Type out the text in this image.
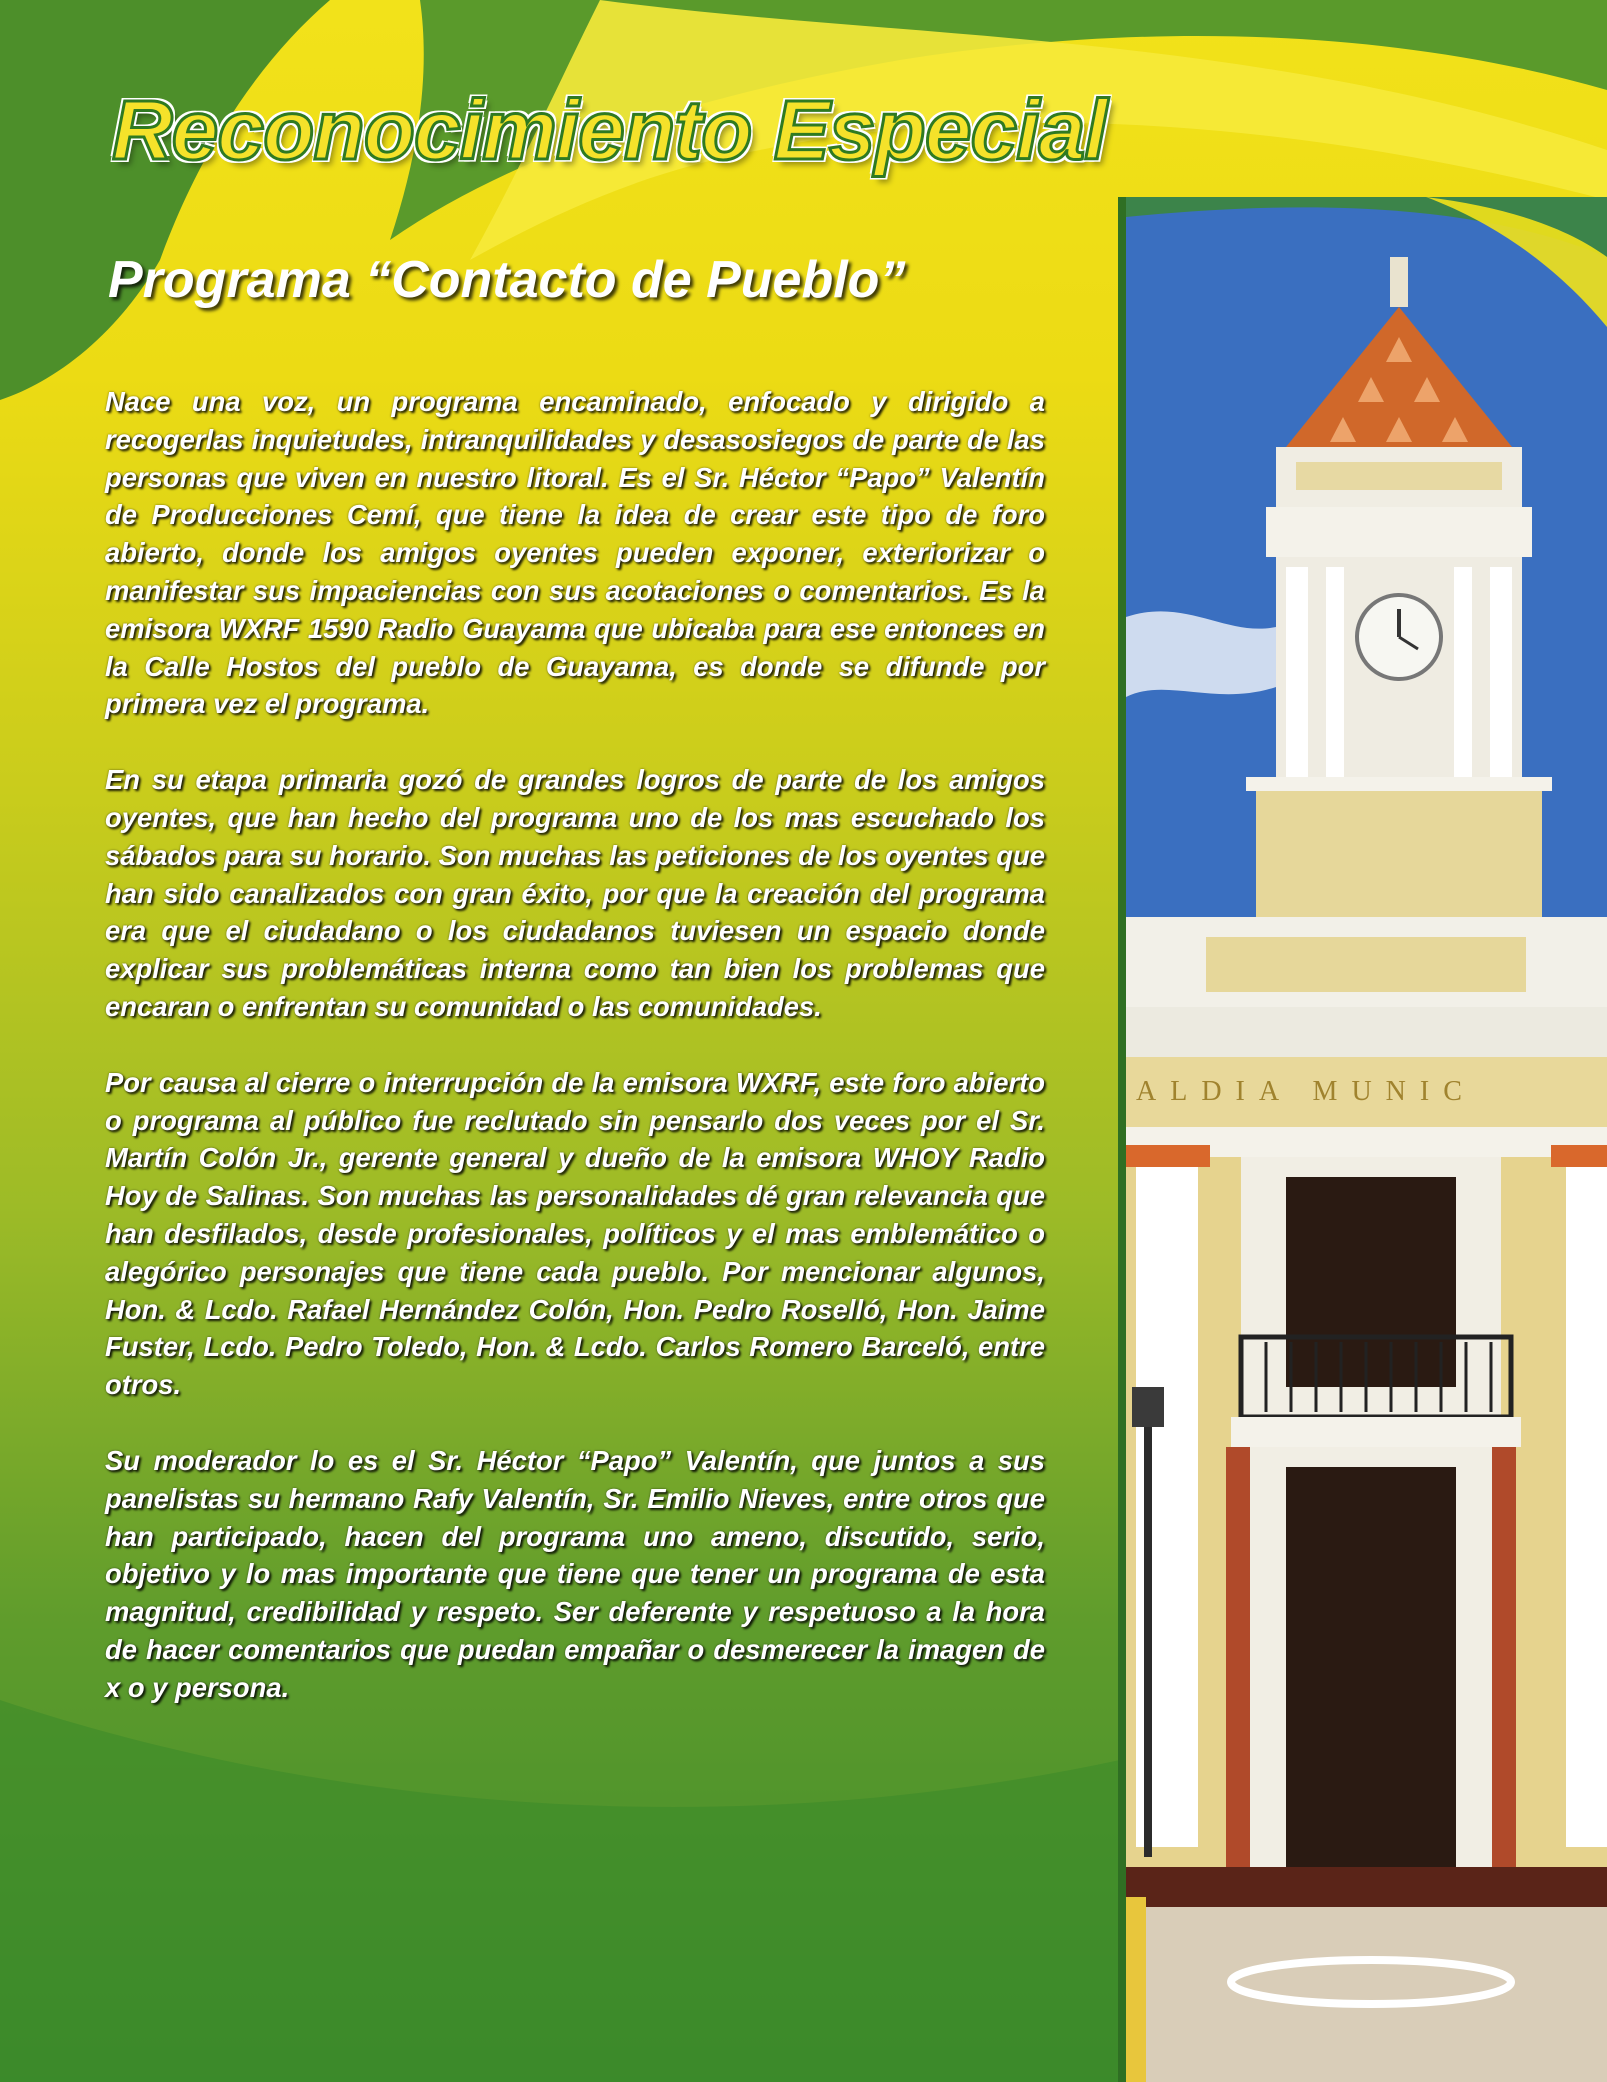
Reconocimiento Especial
Programa “Contacto de Pueblo”

Nace una voz, un programa encaminado, enfocado y dirigido a recogerlas inquietudes, intranquilidades y desasosiegos de parte de las personas que viven en nuestro litoral. Es el Sr. Héctor “Papo” Valentín de Producciones Cemí, que tiene la idea de crear este tipo de foro abierto, donde los amigos oyentes pueden exponer, exteriorizar o manifestar sus impaciencias con sus acotaciones o comentarios. Es la emisora WXRF 1590 Radio Guayama que ubicaba para ese entonces en la Calle Hostos del pueblo de Guayama, es donde se difunde por primera vez el programa.

En su etapa primaria gozó de grandes logros de parte de los amigos oyentes, que han hecho del programa uno de los mas escuchado los sábados para su horario. Son muchas las peticiones de los oyentes que han sido canalizados con gran éxito, por que la creación del programa era que el ciudadano o los ciudadanos tuviesen un espacio donde explicar sus problemáticas interna como tan bien los problemas que encaran o enfrentan su comunidad o las comunidades.

Por causa al cierre o interrupción de la emisora WXRF, este foro abierto o programa al público fue reclutado sin pensarlo dos veces por el Sr. Martín Colón Jr., gerente general y dueño de la emisora WHOY Radio Hoy de Salinas. Son muchas las personalidades dé gran relevancia que han desfilados, desde profesionales, políticos y el mas emblemático o alegórico personajes que tiene cada pueblo. Por mencionar algunos, Hon. & Lcdo. Rafael Hernández Colón, Hon. Pedro Roselló, Hon. Jaime Fuster, Lcdo. Pedro Toledo, Hon. & Lcdo. Carlos Romero Barceló, entre otros.

Su moderador lo es el Sr. Héctor “Papo” Valentín, que juntos a sus panelistas su hermano Rafy Valentín, Sr. Emilio Nieves, entre otros que han participado, hacen del programa uno ameno, discutido, serio, objetivo y lo mas importante que tiene que tener un programa de esta magnitud, credibilidad y respeto. Ser deferente y respetuoso a la hora de hacer comentarios que puedan empañar o desmerecer la imagen de x o y persona.

ALDIA MUNIC
